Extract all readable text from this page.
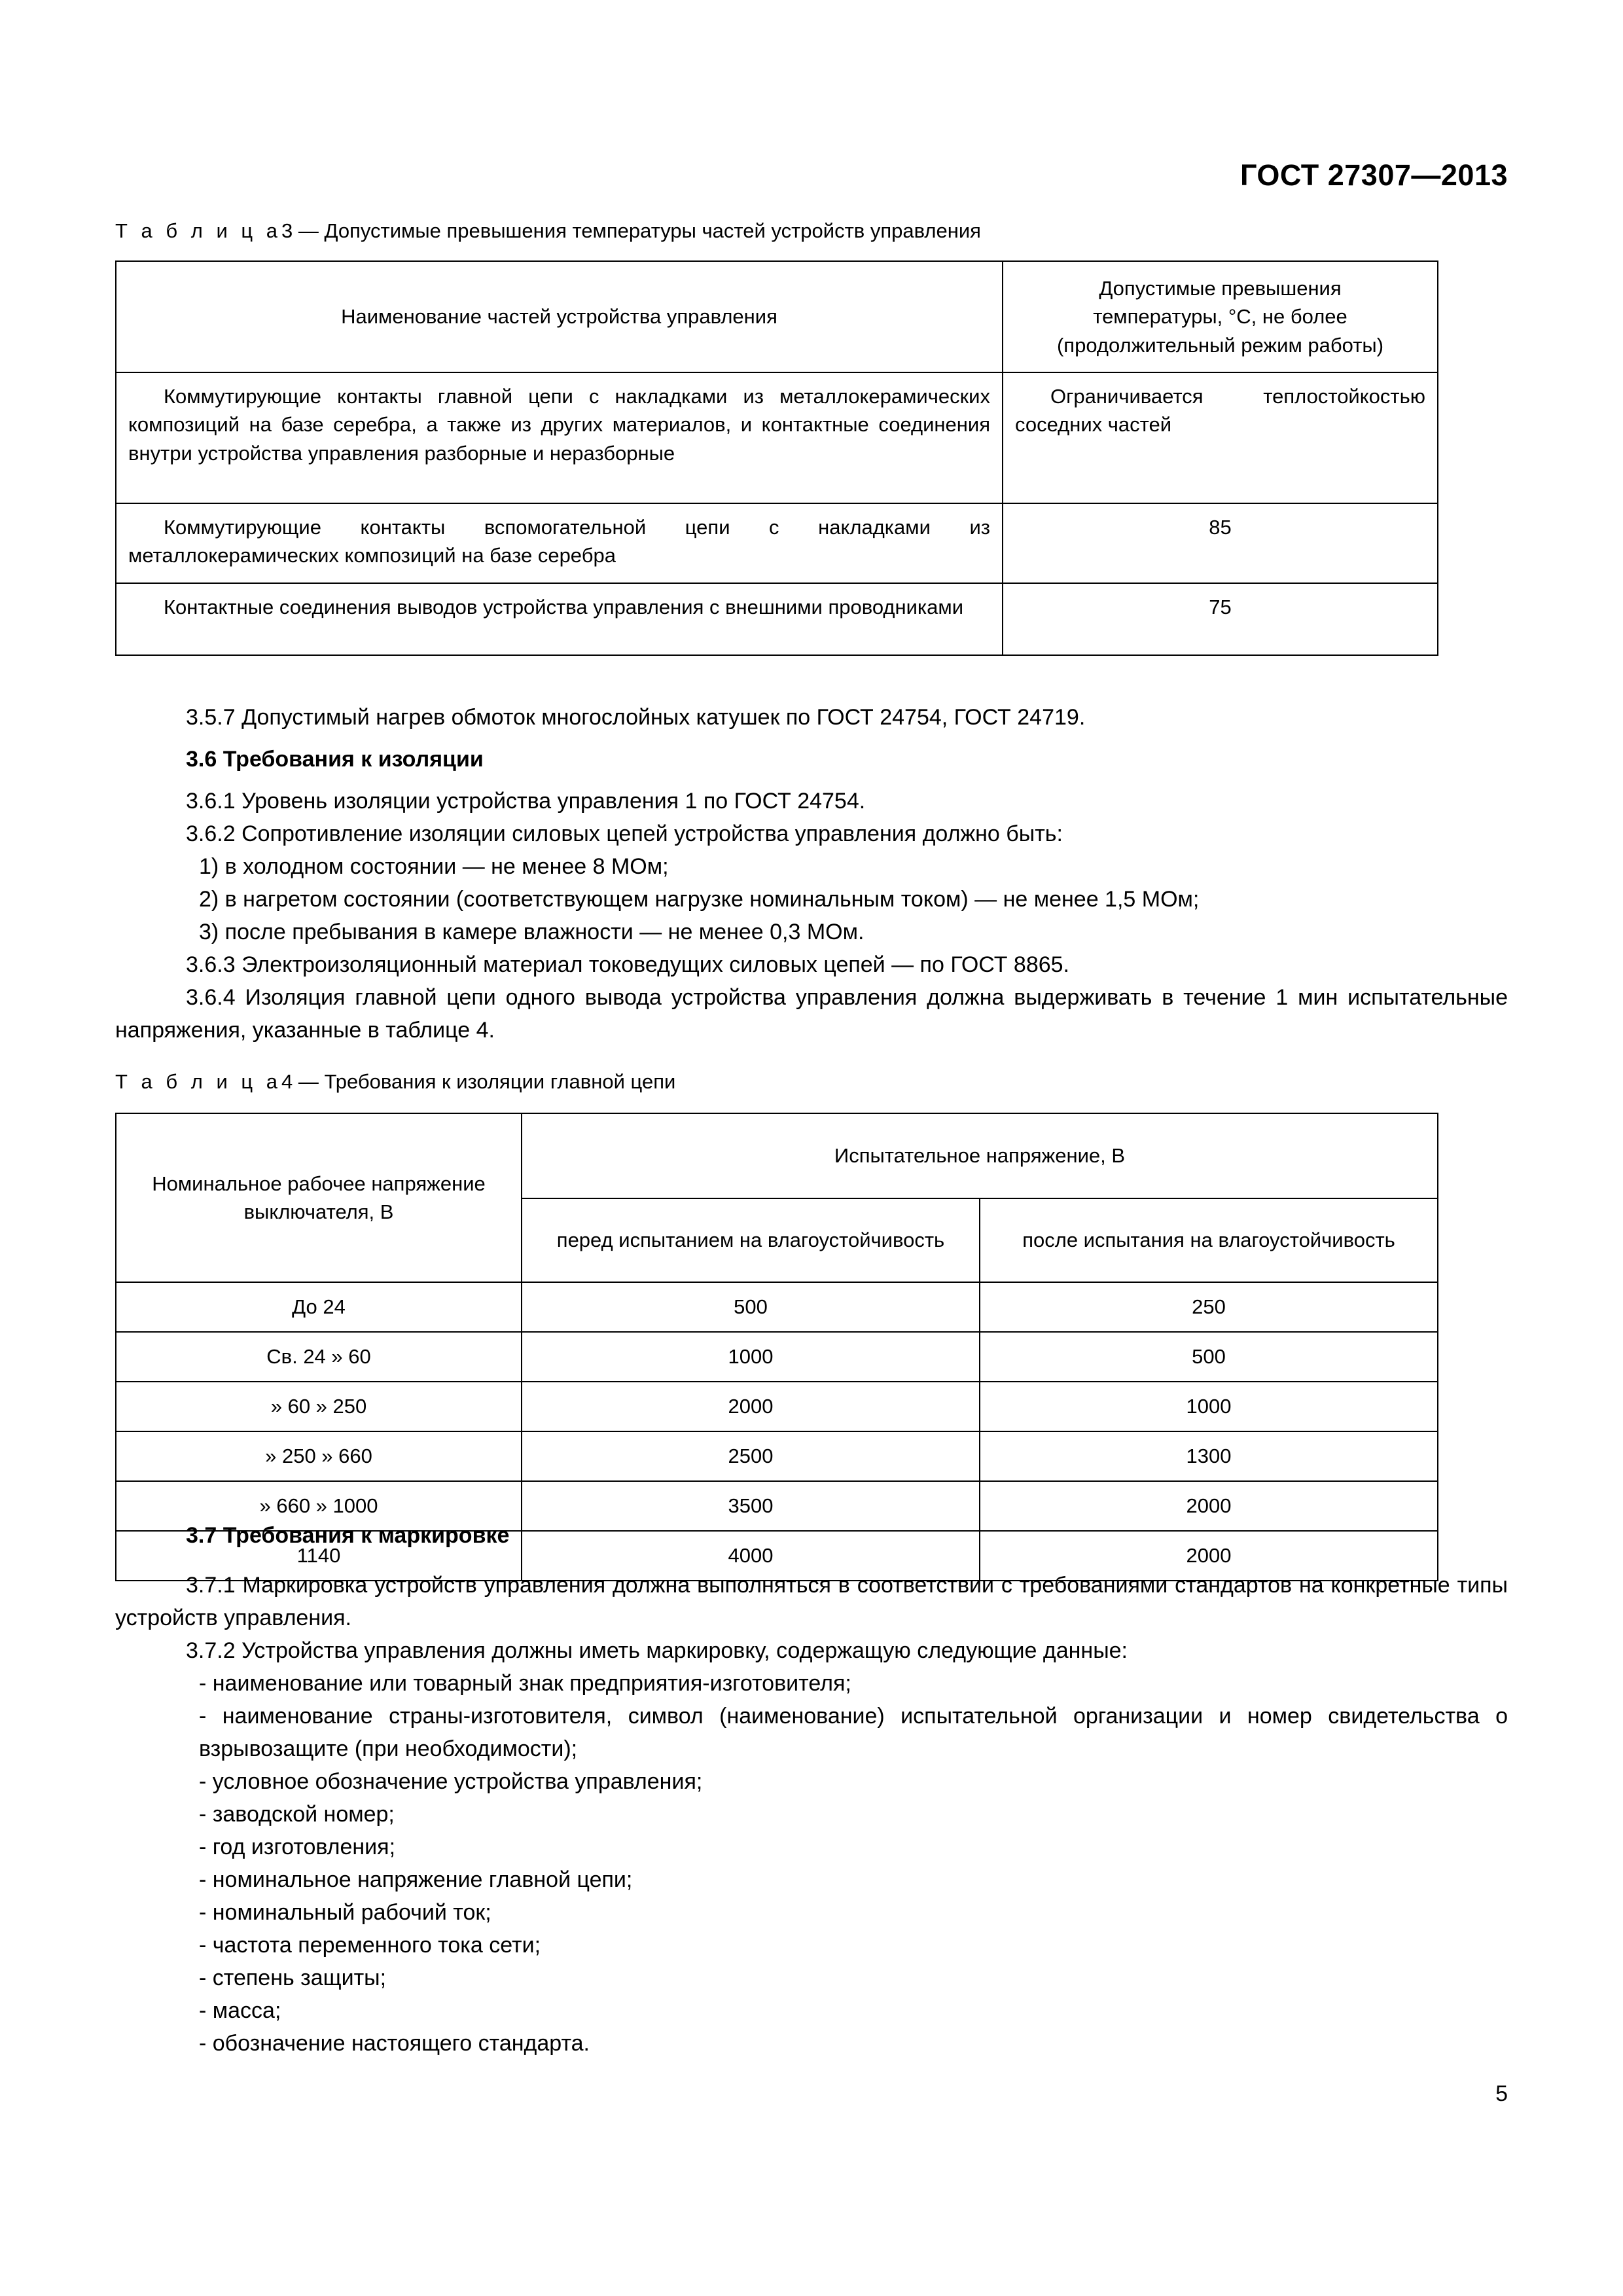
ГОСТ 27307—2013
Т а б л и ц а3 — Допустимые превышения температуры частей устройств управления
Наименование частей устройства управления	Допустимые превышения
температуры, °С, не более
(продолжительный режим работы)
Коммутирующие контакты главной цепи с накладками из металлокерамических композиций на базе серебра, а также из других материалов, и контактные соединения внутри устройства управления разборные и неразборные	Ограничивается теплостойкостью соседних частей
Коммутирующие контакты вспомогательной цепи с накладками из металлокерамических композиций на базе серебра	85
Контактные соединения выводов устройства управления с внешними проводниками	75

3.5.7 Допустимый нагрев обмоток многослойных катушек по ГОСТ 24754, ГОСТ 24719.

3.6 Требования к изоляции

3.6.1 Уровень изоляции устройства управления 1 по ГОСТ 24754.

3.6.2 Сопротивление изоляции силовых цепей устройства управления должно быть:

1) в холодном состоянии — не менее 8 МОм;

2) в нагретом состоянии (соответствующем нагрузке номинальным током) — не менее 1,5 МОм;

3) после пребывания в камере влажности — не менее 0,3 МОм.

3.6.3 Электроизоляционный материал токоведущих силовых цепей — по ГОСТ 8865.

3.6.4 Изоляция главной цепи одного вывода устройства управления должна выдерживать в течение 1 мин испытательные напряжения, указанные в таблице 4.

Т а б л и ц а4 — Требования к изоляции главной цепи
Номинальное рабочее напряжение
выключателя, В	Испытательное напряжение, В	
	перед испытанием на влагоустойчивость	после испытания на влагоустойчивость
До 24	500	250
Св. 24 » 60	1000	500
» 60 » 250	2000	1000
» 250 » 660	2500	1300
» 660 » 1000	3500	2000
1140	4000	2000

3.7 Требования к маркировке

3.7.1 Маркировка устройств управления должна выполняться в соответствии с требованиями стандартов на конкретные типы устройств управления.

3.7.2 Устройства управления должны иметь маркировку, содержащую следующие данные:

- наименование или товарный знак предприятия-изготовителя;

- наименование страны-изготовителя, символ (наименование) испытательной организации и номер свидетельства о взрывозащите (при необходимости);

- условное обозначение устройства управления;

- заводской номер;

- год изготовления;

- номинальное напряжение главной цепи;

- номинальный рабочий ток;

- частота переменного тока сети;

- степень защиты;

- масса;

- обозначение настоящего стандарта.

5
